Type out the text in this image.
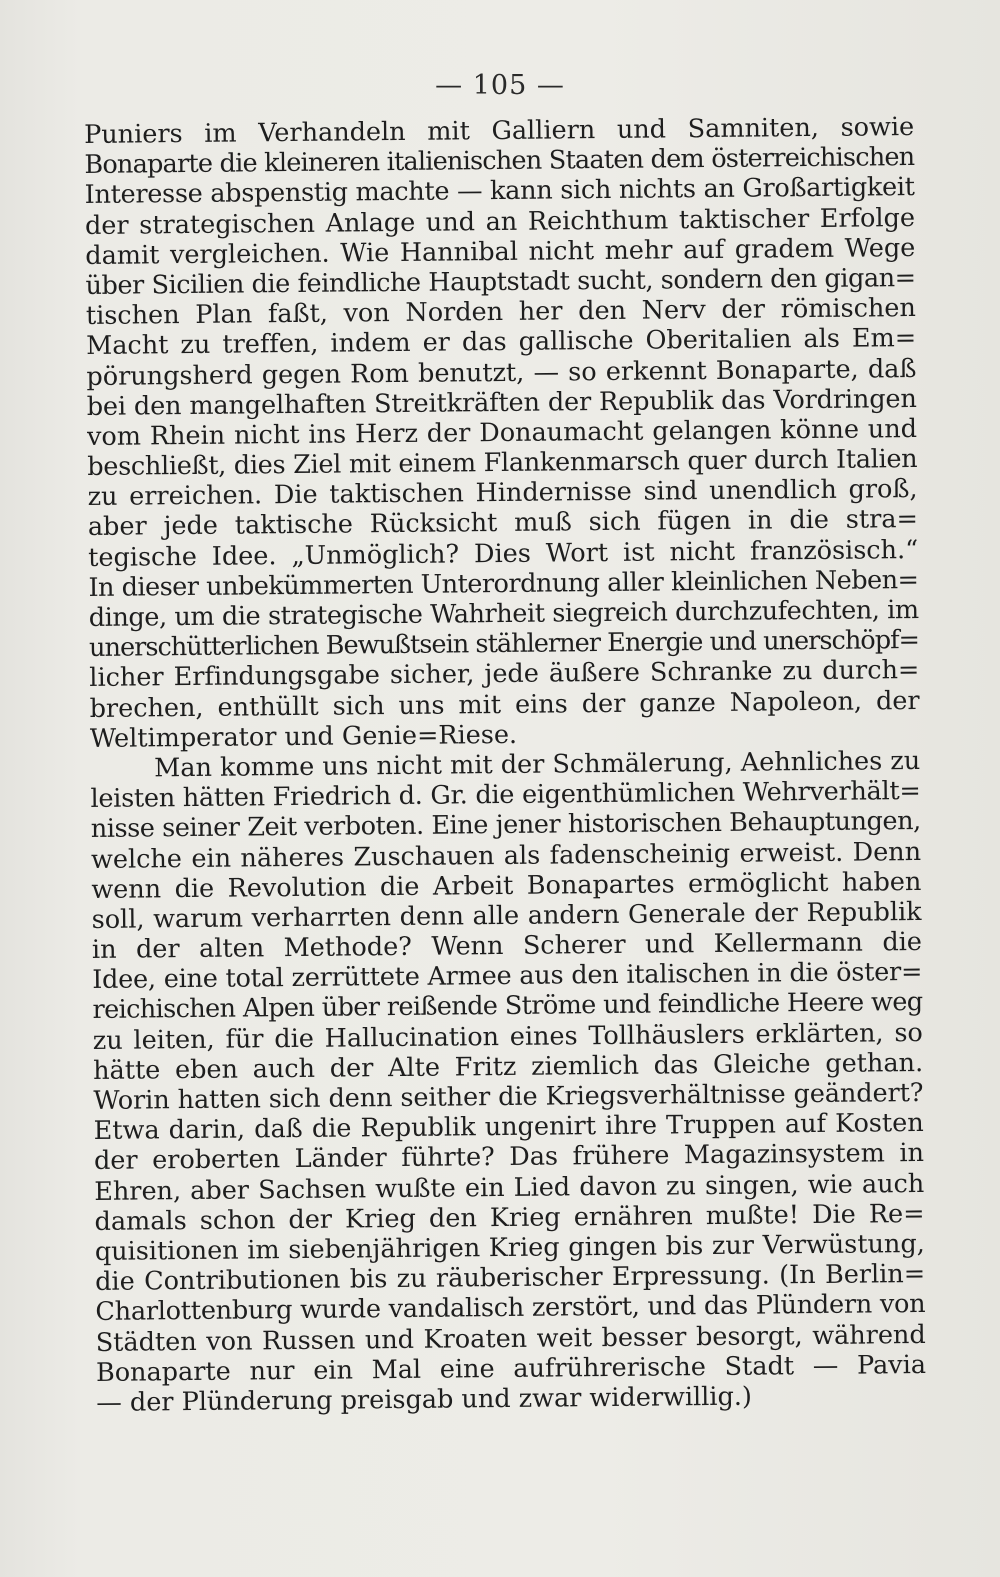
— 105 —
Puniers im Verhandeln mit Galliern und Samniten, sowie
Bonaparte die kleineren italienischen Staaten dem österreichischen
Interesse abspenstig machte — kann sich nichts an Großartigkeit
der strategischen Anlage und an Reichthum taktischer Erfolge
damit vergleichen. Wie Hannibal nicht mehr auf gradem Wege
über Sicilien die feindliche Hauptstadt sucht, sondern den gigan=
tischen Plan faßt, von Norden her den Nerv der römischen
Macht zu treffen, indem er das gallische Oberitalien als Em=
pörungsherd gegen Rom benutzt, — so erkennt Bonaparte, daß
bei den mangelhaften Streitkräften der Republik das Vordringen
vom Rhein nicht ins Herz der Donaumacht gelangen könne und
beschließt, dies Ziel mit einem Flankenmarsch quer durch Italien
zu erreichen. Die taktischen Hindernisse sind unendlich groß,
aber jede taktische Rücksicht muß sich fügen in die stra=
tegische Idee. „Unmöglich? Dies Wort ist nicht französisch.“
In dieser unbekümmerten Unterordnung aller kleinlichen Neben=
dinge, um die strategische Wahrheit siegreich durchzufechten, im
unerschütterlichen Bewußtsein stählerner Energie und unerschöpf=
licher Erfindungsgabe sicher, jede äußere Schranke zu durch=
brechen, enthüllt sich uns mit eins der ganze Napoleon, der
Weltimperator und Genie=Riese.
Man komme uns nicht mit der Schmälerung, Aehnliches zu
leisten hätten Friedrich d. Gr. die eigenthümlichen Wehrverhält=
nisse seiner Zeit verboten. Eine jener historischen Behauptungen,
welche ein näheres Zuschauen als fadenscheinig erweist. Denn
wenn die Revolution die Arbeit Bonapartes ermöglicht haben
soll, warum verharrten denn alle andern Generale der Republik
in der alten Methode? Wenn Scherer und Kellermann die
Idee, eine total zerrüttete Armee aus den italischen in die öster=
reichischen Alpen über reißende Ströme und feindliche Heere weg
zu leiten, für die Hallucination eines Tollhäuslers erklärten, so
hätte eben auch der Alte Fritz ziemlich das Gleiche gethan.
Worin hatten sich denn seither die Kriegsverhältnisse geändert?
Etwa darin, daß die Republik ungenirt ihre Truppen auf Kosten
der eroberten Länder führte? Das frühere Magazinsystem in
Ehren, aber Sachsen wußte ein Lied davon zu singen, wie auch
damals schon der Krieg den Krieg ernähren mußte! Die Re=
quisitionen im siebenjährigen Krieg gingen bis zur Verwüstung,
die Contributionen bis zu räuberischer Erpressung. (In Berlin=
Charlottenburg wurde vandalisch zerstört, und das Plündern von
Städten von Russen und Kroaten weit besser besorgt, während
Bonaparte nur ein Mal eine aufrührerische Stadt — Pavia
— der Plünderung preisgab und zwar widerwillig.)
